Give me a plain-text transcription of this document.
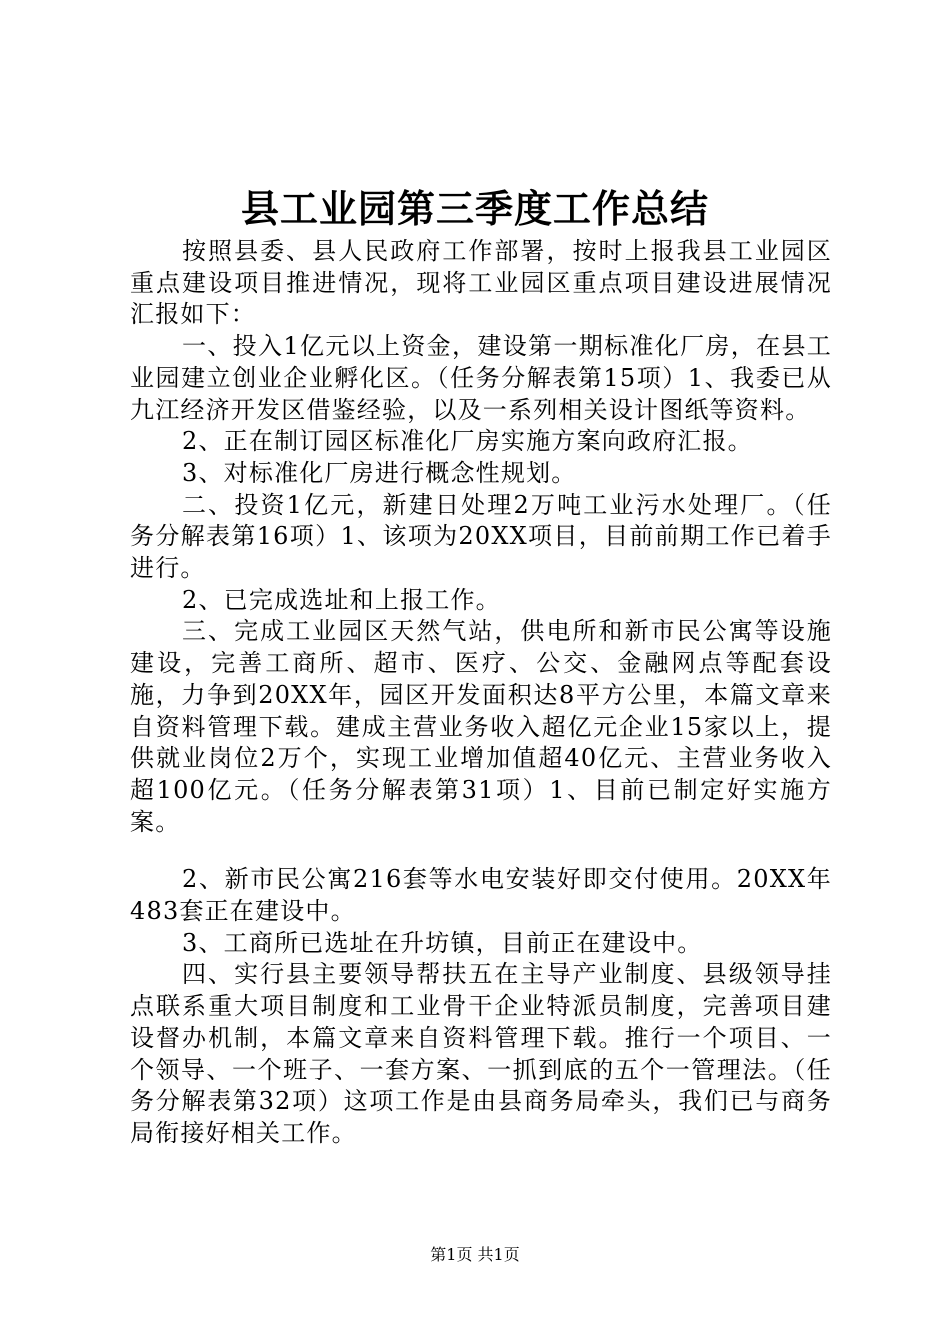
县工业园第三季度工作总结

按照县委、县人民政府工作部署，按时上报我县工业园区重点建设项目推进情况，现将工业园区重点项目建设进展情况汇报如下：

一、投入1亿元以上资金，建设第一期标准化厂房，在县工业园建立创业企业孵化区。（任务分解表第15项）1、我委已从九江经济开发区借鉴经验，以及一系列相关设计图纸等资料。

2、正在制订园区标准化厂房实施方案向政府汇报。

3、对标准化厂房进行概念性规划。

二、投资1亿元，新建日处理2万吨工业污水处理厂。（任务分解表第16项）1、该项为20XX项目，目前前期工作已着手进行。

2、已完成选址和上报工作。

三、完成工业园区天然气站，供电所和新市民公寓等设施建设，完善工商所、超市、医疗、公交、金融网点等配套设施，力争到20XX年，园区开发面积达8平方公里，本篇文章来自资料管理下载。建成主营业务收入超亿元企业15家以上，提供就业岗位2万个，实现工业增加值超40亿元、主营业务收入超100亿元。（任务分解表第31项）1、目前已制定好实施方案。

2、新市民公寓216套等水电安装好即交付使用。20XX年483套正在建设中。

3、工商所已选址在升坊镇，目前正在建设中。

四、实行县主要领导帮扶五在主导产业制度、县级领导挂点联系重大项目制度和工业骨干企业特派员制度，完善项目建设督办机制，本篇文章来自资料管理下载。推行一个项目、一个领导、一个班子、一套方案、一抓到底的五个一管理法。（任务分解表第32项）这项工作是由县商务局牵头，我们已与商务局衔接好相关工作。

第1页 共1页
